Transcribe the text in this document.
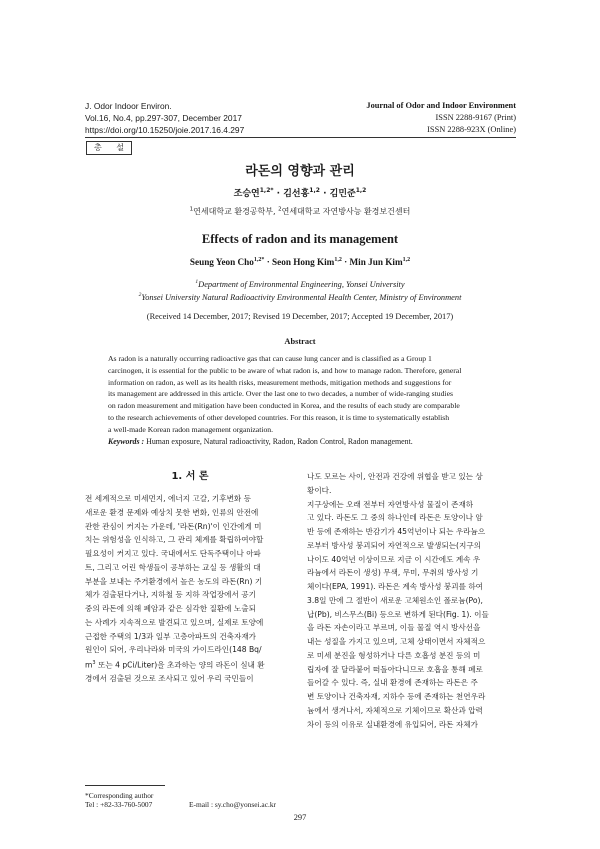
J. Odor Indoor Environ.
Vol.16, No.4, pp.297-307, December 2017
https://doi.org/10.15250/joie.2017.16.4.297
Journal of Odor and Indoor Environment
ISSN 2288-9167 (Print)
ISSN 2288-923X (Online)
총 설
라돈의 영향과 관리
조승연$^{1,2*}$ · 김선홍$^{1,2}$ · 김민준$^{1,2}$
$^1$연세대학교 환경공학부, $^2$연세대학교 자연방사능 환경보건센터
Effects of radon and its management
Seung Yeon Cho$^{1,2*}$ · Seon Hong Kim$^{1,2}$ · Min Jun Kim$^{1,2}$
$^1$Department of Environmental Engineering, Yonsei University
$^2$Yonsei University Natural Radioactivity Environmental Health Center, Ministry of Environment
(Received 14 December, 2017; Revised 19 December, 2017; Accepted 19 December, 2017)
Abstract
As radon is a naturally occurring radioactive gas that can cause lung cancer and is classified as a Group 1
carcinogen, it is essential for the public to be aware of what radon is, and how to manage radon. Therefore, general
information on radon, as well as its health risks, measurement methods, mitigation methods and suggestions for
its management are addressed in this article. Over the last one to two decades, a number of wide-ranging studies
on radon measurement and mitigation have been conducted in Korea, and the results of each study are comparable
to the research achievements of other developed countries. For this reason, it is time to systematically establish
a well-made Korean radon management organization.
Keywords : Human exposure, Natural radioactivity, Radon, Radon Control, Radon management.
1. 서 론
전 세계적으로 미세먼지, 에너지 고갈, 기후변화 등
새로운 환경 문제와 예상치 못한 변화, 인류의 안전에
관한 관심이 커지는 가운데, '라돈(Rn)'이 인간에게 미
치는 위험성을 인식하고, 그 관리 체계를 확립하여야할
필요성이 커지고 있다. 국내에서도 단독주택이나 아파
트, 그리고 어린 학생들이 공부하는 교실 등 생활의 대
부분을 보내는 주거환경에서 높은 농도의 라돈(Rn) 기
체가 검출된다거나, 지하철 등 지하 작업장에서 공기
중의 라돈에 의해 폐암과 같은 심각한 질환에 노출되
는 사례가 지속적으로 발견되고 있으며, 실제로 토양에
근접한 주택의 1/3과 일부 고층아파트의 건축자재가
원인이 되어, 우리나라와 미국의 가이드라인(148 Bq/
$m^3$ 또는 4 pCi/Liter)을 초과하는 양의 라돈이 실내 환
경에서 검출된 것으로 조사되고 있어 우리 국민들이
나도 모르는 사이, 안전과 건강에 위협을 받고 있는 상
황이다.
지구상에는 오래 전부터 자연방사성 물질이 존재하
고 있다. 라돈도 그 중의 하나인데 라돈은 토양이나 암
반 등에 존재하는 반감기가 45억년이나 되는 우라늄으
로부터 방사성 붕괴되어 자연적으로 발생되는(지구의
나이도 40억년 이상이므로 지금 이 시간에도 계속 우
라늄에서 라돈이 생성) 무색, 무미, 무취의 방사성 기
체이다(EPA, 1991). 라돈은 계속 방사성 붕괴를 하여
3.8일 만에 그 절반이 새로운 고체원소인 폴로늄(Po),
납(Pb), 비스무스(Bi) 등으로 변하게 된다(Fig. 1). 이들
을 라돈 자손이라고 부르며, 이들 물질 역시 방사선을
내는 성질을 가지고 있으며, 고체 상태이면서 자체적으
로 미세 분진을 형성하거나 다른 호흡성 분진 등의 미
립자에 잘 달라붙어 떠돌아다니므로 호흡을 통해 폐로
들어갈 수 있다. 즉, 실내 환경에 존재하는 라돈은 주
변 토양이나 건축자재, 지하수 등에 존재하는 천연우라
늄에서 생겨나서, 자체적으로 기체이므로 확산과 압력
차이 등의 이유로 실내환경에 유입되어, 라돈 자체가
*Corresponding author
Tel : +82-33-760-5007	E-mail : sy.cho@yonsei.ac.kr
297
